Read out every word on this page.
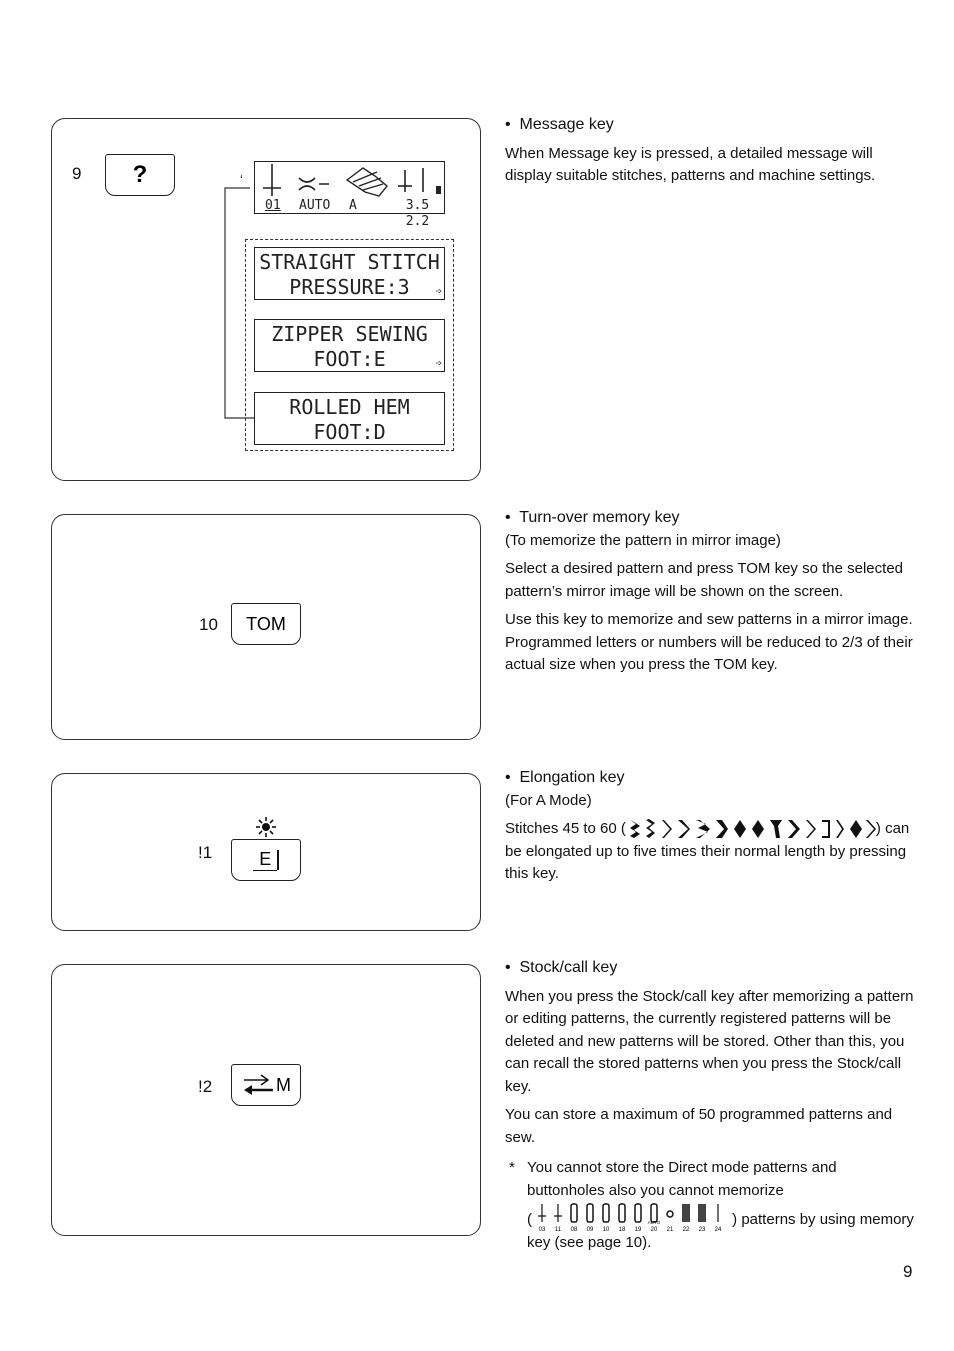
9 ?	‘
01 AUTO A	3.5 2.2
STRAIGHT STITCH
PRESSURE:3	➩
ZIPPER SEWING
FOOT:E	➩
ROLLED HEM
FOOT:D

•  Message key

When Message key is pressed, a detailed message will display suitable stitches, patterns and machine settings.

10 TOM

•  Turn-over memory key

(To memorize the pattern in mirror image)

Select a desired pattern and press TOM key so the selected pattern’s mirror image will be shown on the screen.

Use this key to memorize and sew patterns in a mirror image. Programmed letters or numbers will be reduced to 2/3 of their actual size when you press the TOM key.

!1	E

•  Elongation key

(For A Mode)

Stitches 45 to 60 (	) can be elongated up to five times their normal length by pressing this key.

!2	M

•  Stock/call key

When you press the Stock/call key after memorizing a pattern or editing patterns, the currently registered patterns will be deleted and new patterns will be stored. Other than this, you can recall the stored patterns when you press the Stock/call key.

You can store a maximum of 50 programmed patterns and sew.

* You cannot store the Direct mode patterns and buttonholes also you cannot memorize
(
03 11 08 09 10 18 19
AUTO
20 21 22 23 24
) patterns by using memory key (see page 10).
9
